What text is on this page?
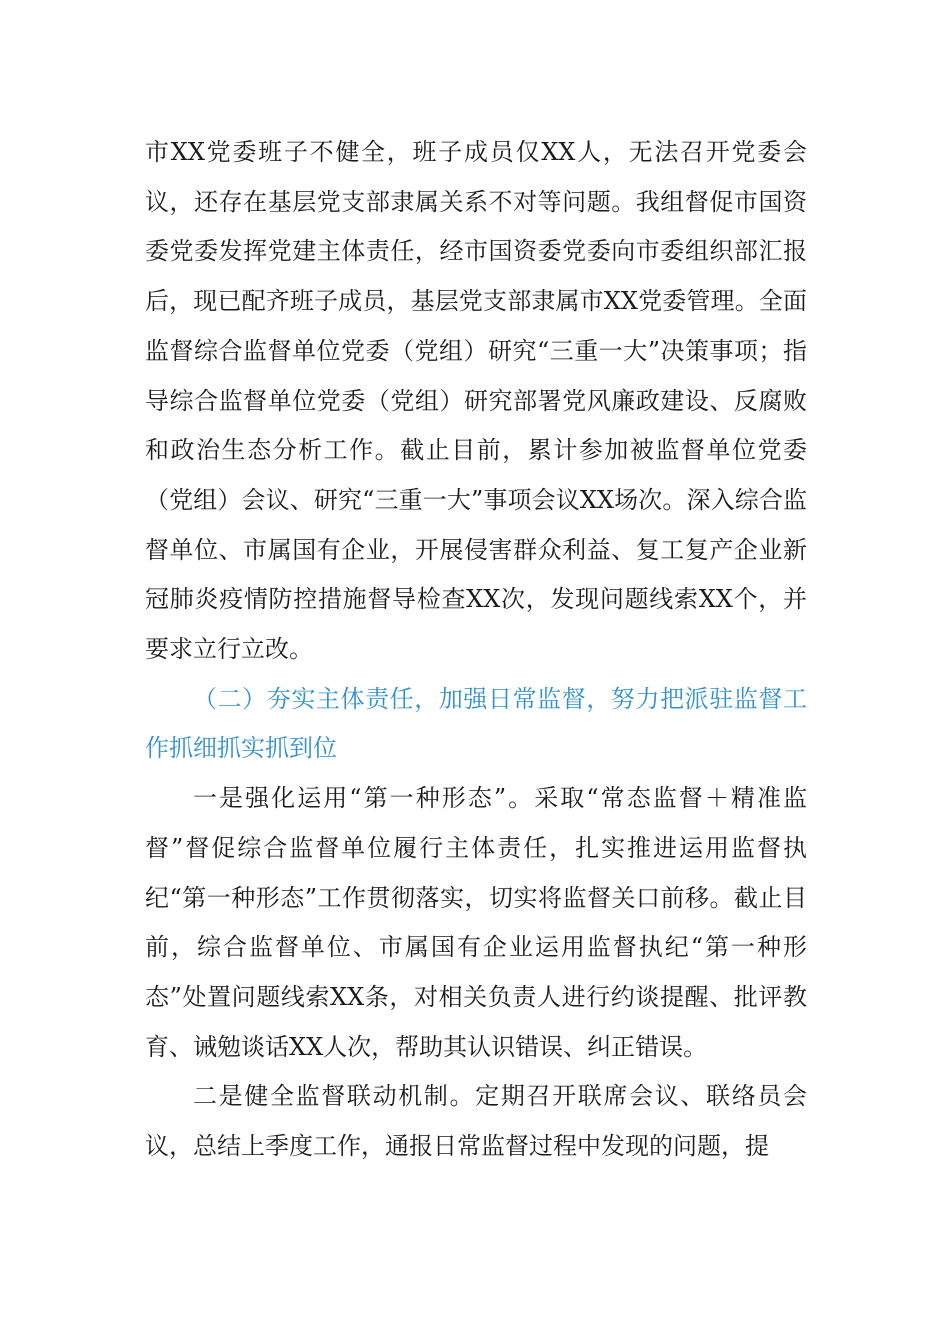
市XX党委班子不健全，班子成员仅XX人，无法召开党委会议，还存在基层党支部隶属关系不对等问题。我组督促市国资委党委发挥党建主体责任，经市国资委党委向市委组织部汇报后，现已配齐班子成员，基层党支部隶属市XX党委管理。全面监督综合监督单位党委（党组）研究“三重一大”决策事项；指导综合监督单位党委（党组）研究部署党风廉政建设、反腐败和政治生态分析工作。截止目前，累计参加被监督单位党委（党组）会议、研究“三重一大”事项会议XX场次。深入综合监督单位、市属国有企业，开展侵害群众利益、复工复产企业新冠肺炎疫情防控措施督导检查XX次，发现问题线索XX个，并要求立行立改。

（二）夯实主体责任，加强日常监督，努力把派驻监督工作抓细抓实抓到位

一是强化运用“第一种形态”。采取“常态监督＋精准监督”督促综合监督单位履行主体责任，扎实推进运用监督执纪“第一种形态”工作贯彻落实，切实将监督关口前移。截止目前，综合监督单位、市属国有企业运用监督执纪“第一种形态”处置问题线索XX条，对相关负责人进行约谈提醒、批评教育、诫勉谈话XX人次，帮助其认识错误、纠正错误。

二是健全监督联动机制。定期召开联席会议、联络员会议，总结上季度工作，通报日常监督过程中发现的问题，提
